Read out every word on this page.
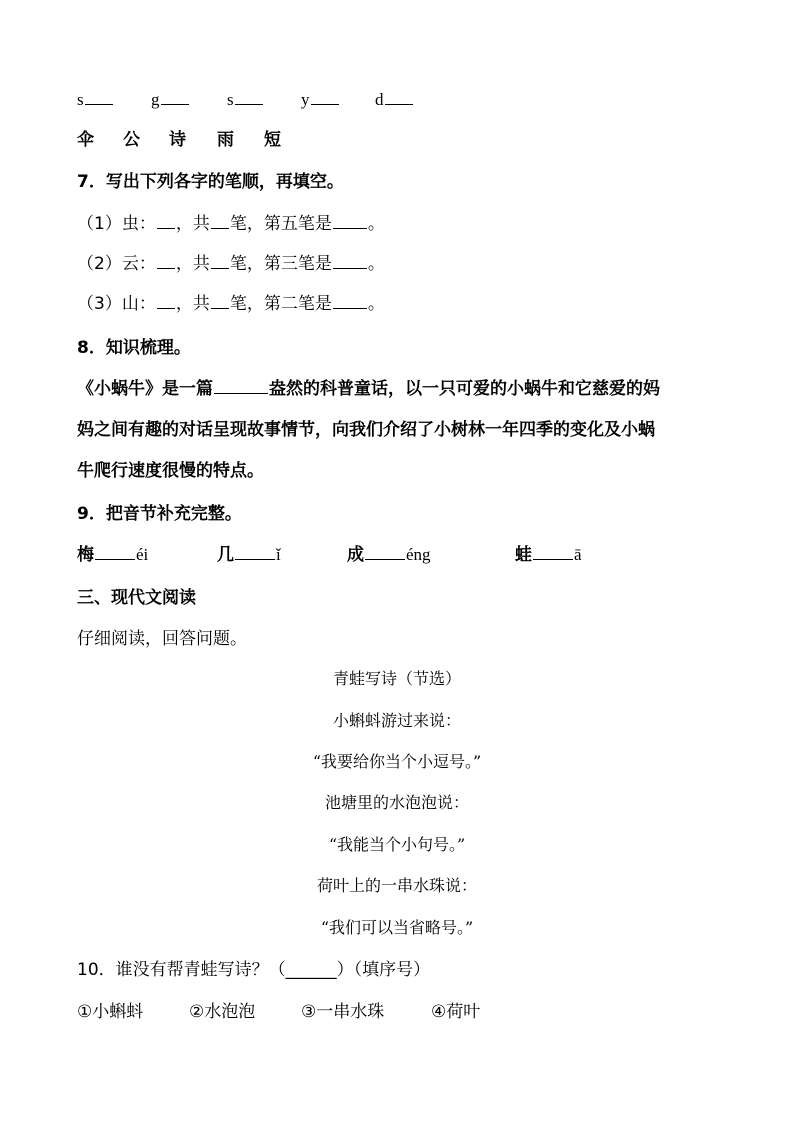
s	g	s	y	d
伞 公 诗 雨 短
7．写出下列各字的笔顺，再填空。
（1）虫： ，共 笔，第五笔是 。
（2）云： ，共 笔，第三笔是 。
（3）山： ，共 笔，第二笔是 。
8．知识梳理。
《小蜗牛》是一篇	盎然的科普童话，以一只可爱的小蜗牛和它慈爱的妈
妈之间有趣的对话呈现故事情节，向我们介绍了小树林一年四季的变化及小蜗
牛爬行速度很慢的特点。
9．把音节补充完整。
梅 éi	几 ǐ	成 éng	蛙 ā
三、现代文阅读
仔细阅读，回答问题。
青蛙写诗（节选）
小蝌蚪游过来说：
“我要给你当个小逗号。”
池塘里的水泡泡说：
“我能当个小句号。”
荷叶上的一串水珠说：
“我们可以当省略号。”
10．谁没有帮青蛙写诗？（______）（填序号）
①小蝌蚪	②水泡泡	③一串水珠	④荷叶
